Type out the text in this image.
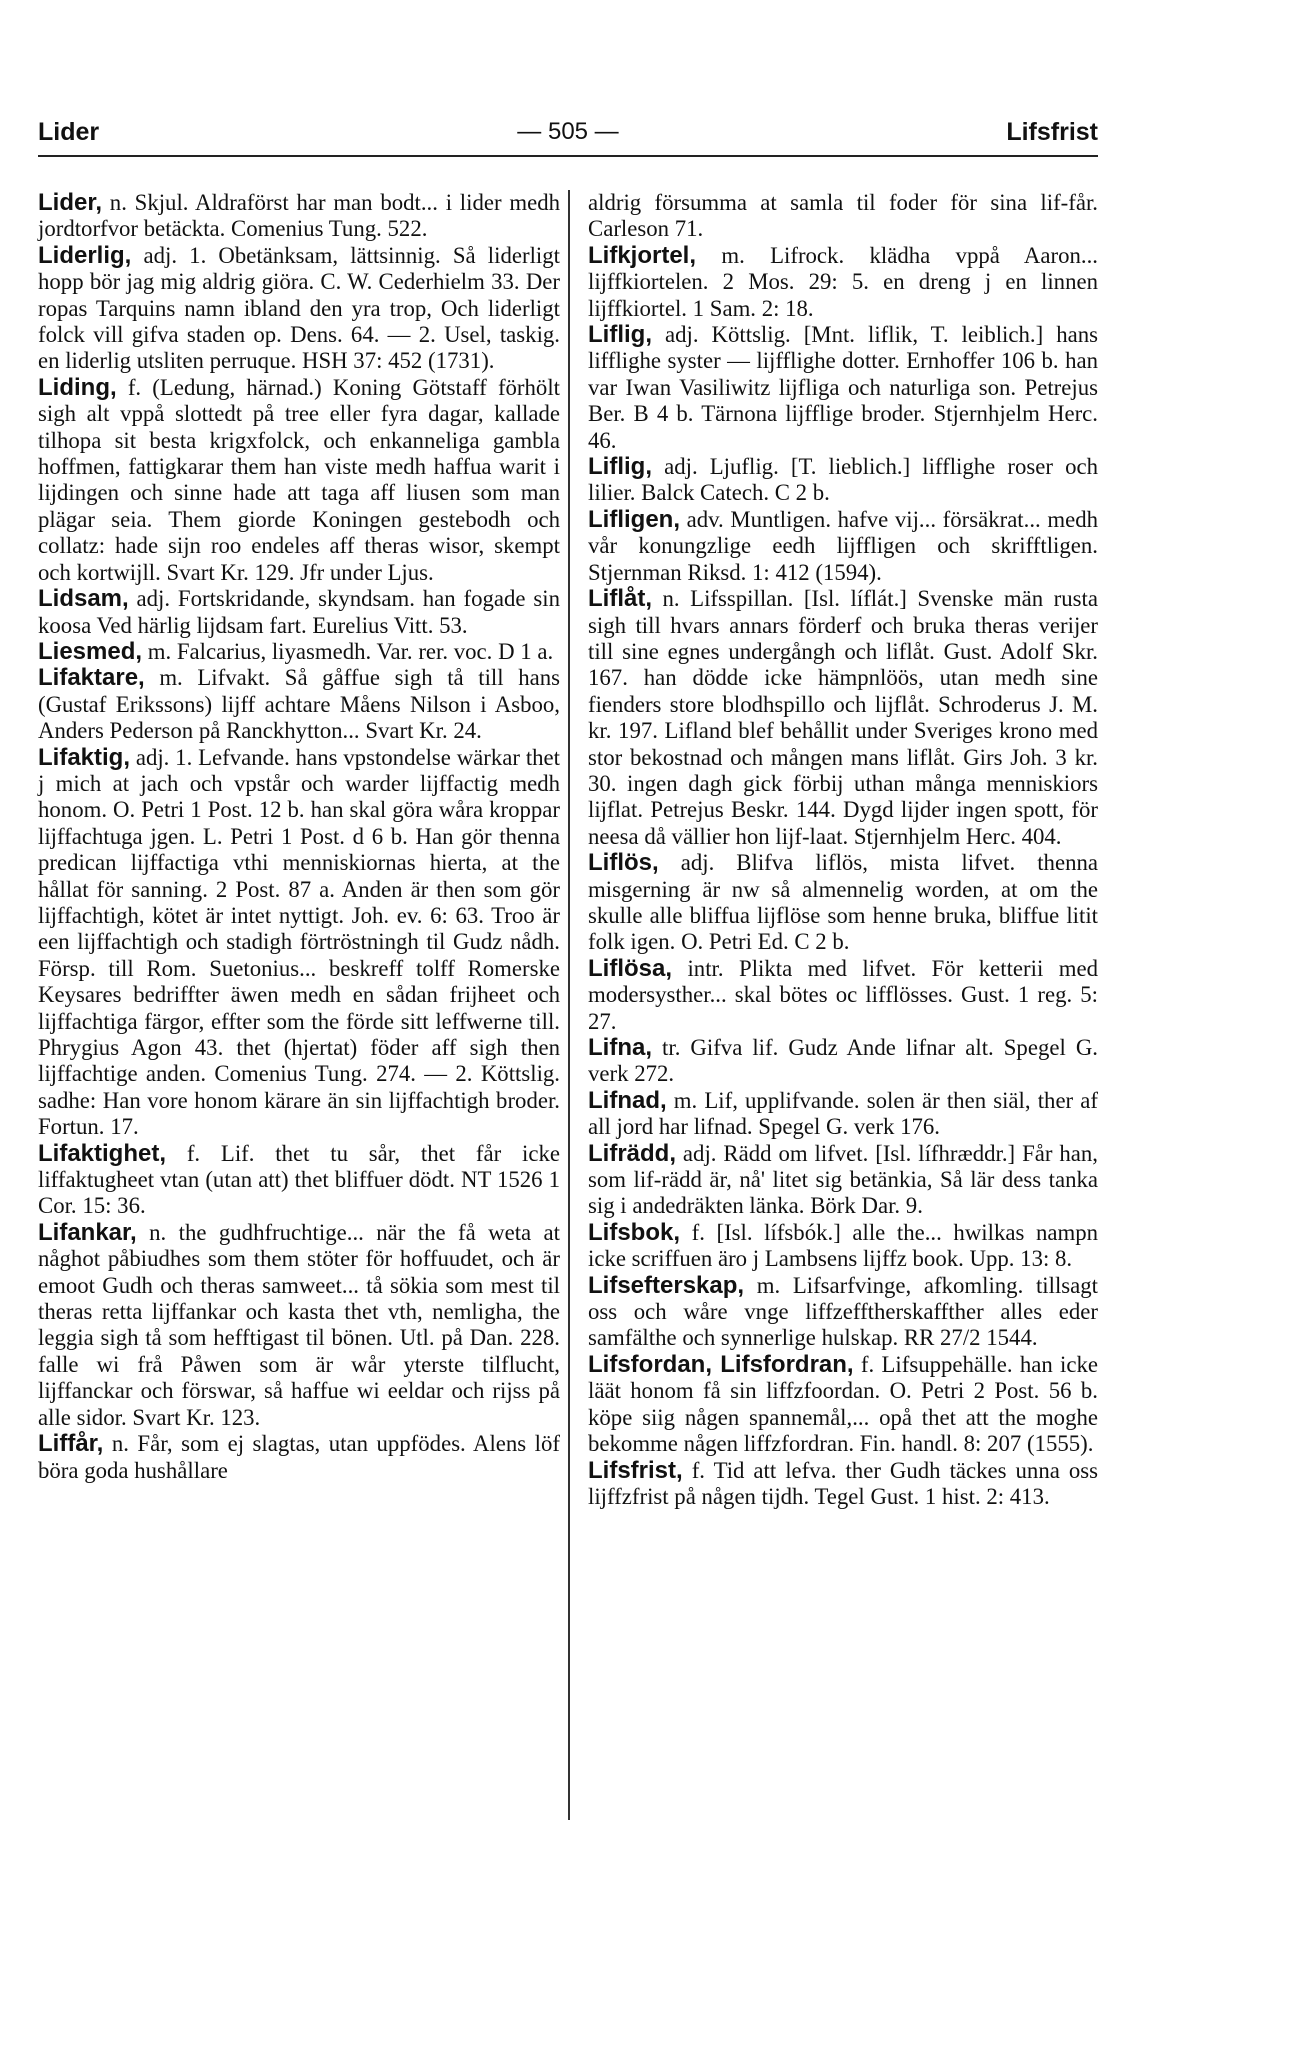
Lider	— 505 —	Lifsfrist

Lider, n. Skjul. Aldraförst har man bodt... i lider medh jordtorfvor betäckta. Comenius Tung. 522.

Liderlig, adj. 1. Obetänksam, lättsinnig. Så liderligt hopp bör jag mig aldrig giöra. C. W. Cederhielm 33. Der ropas Tarquins namn ibland den yra trop, Och liderligt folck vill gifva staden op. Dens. 64. — 2. Usel, taskig. en liderlig utsliten perruque. HSH 37: 452 (1731).

Liding, f. (Ledung, härnad.) Koning Götstaff förhölt sigh alt vppå slottedt på tree eller fyra dagar, kallade tilhopa sit besta krigxfolck, och enkanneliga gambla hoffmen, fattigkarar them han viste medh haffua warit i lijdingen och sinne hade att taga aff liusen som man plägar seia. Them giorde Koningen gestebodh och collatz: hade sijn roo endeles aff theras wisor, skempt och kortwijll. Svart Kr. 129. Jfr under Ljus.

Lidsam, adj. Fortskridande, skyndsam. han fogade sin koosa Ved härlig lijdsam fart. Eurelius Vitt. 53.

Liesmed, m. Falcarius, liyasmedh. Var. rer. voc. D 1 a.

Lifaktare, m. Lifvakt. Så gåffue sigh tå till hans (Gustaf Erikssons) lijff achtare Måens Nilson i Asboo, Anders Pederson på Ranckhytton... Svart Kr. 24.

Lifaktig, adj. 1. Lefvande. hans vpstondelse wärkar thet j mich at jach och vpstår och warder lijffactig medh honom. O. Petri 1 Post. 12 b. han skal göra wåra kroppar lijffachtuga jgen. L. Petri 1 Post. d 6 b. Han gör thenna predican lijffactiga vthi menniskiornas hierta, at the hållat för sanning. 2 Post. 87 a. Anden är then som gör lijffachtigh, kötet är intet nyttigt. Joh. ev. 6: 63. Troo är een lijffachtigh och stadigh förtröstningh til Gudz nådh. Försp. till Rom. Suetonius... beskreff tolff Romerske Keysares bedriffter äwen medh en sådan frijheet och lijffachtiga färgor, effter som the förde sitt leffwerne till. Phrygius Agon 43. thet (hjertat) föder aff sigh then lijffachtige anden. Comenius Tung. 274. — 2. Köttslig. sadhe: Han vore honom kärare än sin lijffachtigh broder. Fortun. 17.

Lifaktighet, f. Lif. thet tu sår, thet får icke liffaktugheet vtan (utan att) thet bliffuer dödt. NT 1526 1 Cor. 15: 36.

Lifankar, n. the gudhfruchtige... när the få weta at någhot påbiudhes som them stöter för hoffuudet, och är emoot Gudh och theras samweet... tå sökia som mest til theras retta lijffankar och kasta thet vth, nemligha, the leggia sigh tå som hefftigast til bönen. Utl. på Dan. 228. falle wi frå Påwen som är wår yterste tilflucht, lijffanckar och förswar, så haffue wi eeldar och rijss på alle sidor. Svart Kr. 123.

Liffår, n. Får, som ej slagtas, utan uppfödes. Alens löf böra goda hushållare

aldrig försumma at samla til foder för sina lif-får. Carleson 71.

Lifkjortel, m. Lifrock. klädha vppå Aaron... lijffkiortelen. 2 Mos. 29: 5. en dreng j en linnen lijffkiortel. 1 Sam. 2: 18.

Liflig, adj. Köttslig. [Mnt. liflik, T. leiblich.] hans lifflighe syster — lijfflighe dotter. Ernhoffer 106 b. han var Iwan Vasiliwitz lijfliga och naturliga son. Petrejus Ber. B 4 b. Tärnona lijfflige broder. Stjernhjelm Herc. 46.

Liflig, adj. Ljuflig. [T. lieblich.] lifflighe roser och lilier. Balck Catech. C 2 b.

Lifligen, adv. Muntligen. hafve vij... försäkrat... medh vår konungzlige eedh lijffligen och skrifftligen. Stjernman Riksd. 1: 412 (1594).

Liflåt, n. Lifsspillan. [Isl. líflát.] Svenske män rusta sigh till hvars annars förderf och bruka theras verijer till sine egnes undergångh och liflåt. Gust. Adolf Skr. 167. han dödde icke hämpnlöös, utan medh sine fienders store blodhspillo och lijflåt. Schroderus J. M. kr. 197. Lifland blef behållit under Sveriges krono med stor bekostnad och mången mans liflåt. Girs Joh. 3 kr. 30. ingen dagh gick förbij uthan många menniskiors lijflat. Petrejus Beskr. 144. Dygd lijder ingen spott, för neesa då vällier hon lijf-laat. Stjernhjelm Herc. 404.

Liflös, adj. Blifva liflös, mista lifvet. thenna misgerning är nw så almennelig worden, at om the skulle alle bliffua lijflöse som henne bruka, bliffue litit folk igen. O. Petri Ed. C 2 b.

Liflösa, intr. Plikta med lifvet. För ketterii med modersysther... skal bötes oc lifflösses. Gust. 1 reg. 5: 27.

Lifna, tr. Gifva lif. Gudz Ande lifnar alt. Spegel G. verk 272.

Lifnad, m. Lif, upplifvande. solen är then siäl, ther af all jord har lifnad. Spegel G. verk 176.

Lifrädd, adj. Rädd om lifvet. [Isl. lífhræddr.] Får han, som lif-rädd är, nå' litet sig betänkia, Så lär dess tanka sig i andedräkten länka. Börk Dar. 9.

Lifsbok, f. [Isl. lífsbók.] alle the... hwilkas nampn icke scriffuen äro j Lambsens lijffz book. Upp. 13: 8.

Lifsefterskap, m. Lifsarfvinge, afkomling. tillsagt oss och wåre vnge liffzefftherskaffther alles eder samfälthe och synnerlige hulskap. RR 27/2 1544.

Lifsfordan, Lifsfordran, f. Lifsuppehälle. han icke läät honom få sin liffzfoordan. O. Petri 2 Post. 56 b. köpe siig någen spannemål,... opå thet att the moghe bekomme någen liffzfordran. Fin. handl. 8: 207 (1555).

Lifsfrist, f. Tid att lefva. ther Gudh täckes unna oss lijffzfrist på någen tijdh. Tegel Gust. 1 hist. 2: 413.
